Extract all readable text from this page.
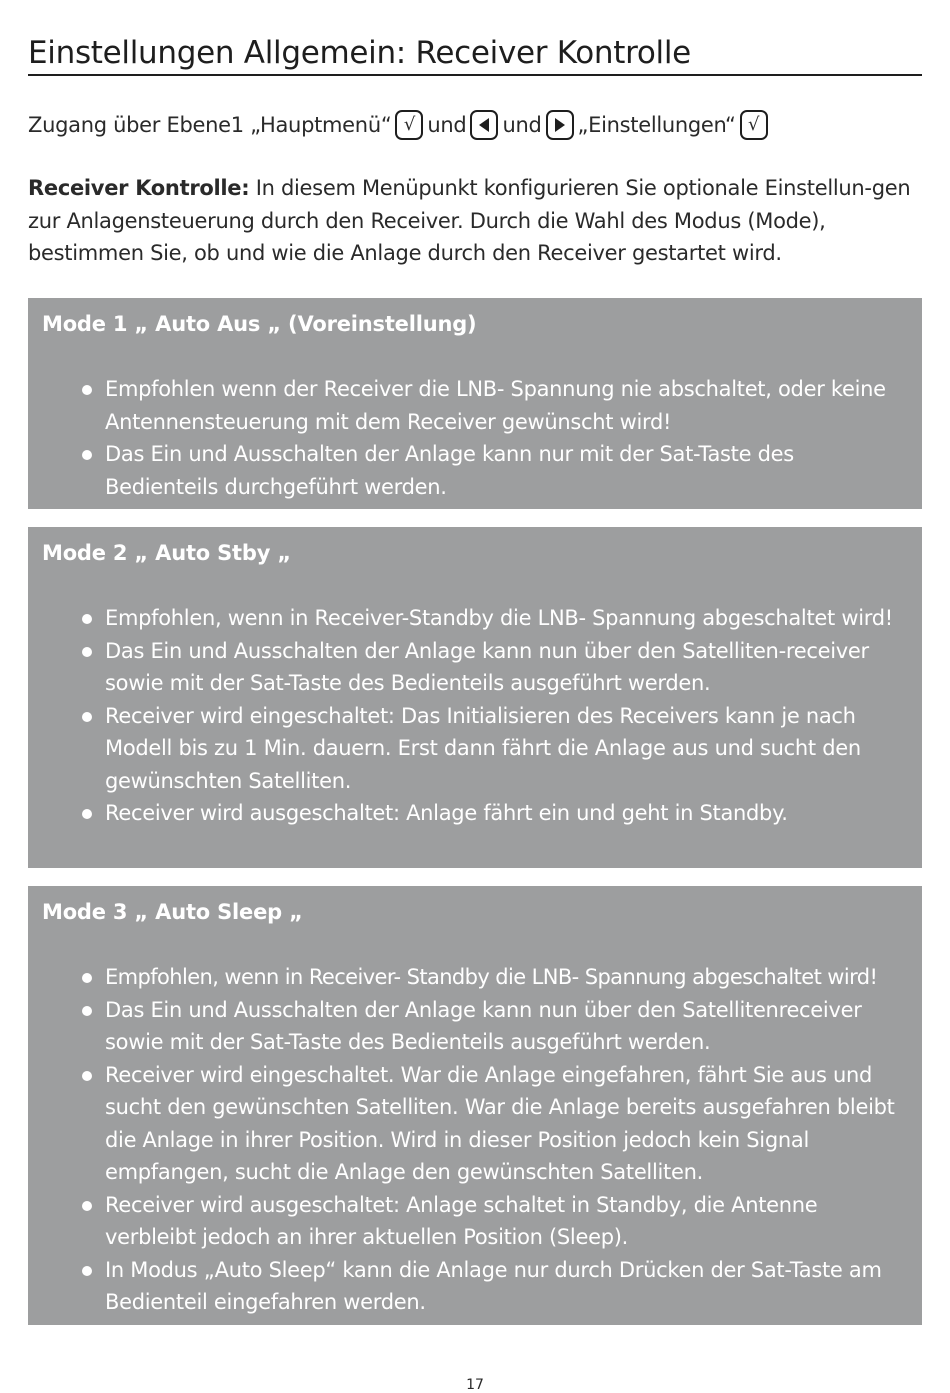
Einstellungen Allgemein: Receiver Kontrolle
Zugang über Ebene1 „Hauptmenü“ √ und und „Einstellungen“ √

Receiver Kontrolle: In diesem Menüpunkt konfigurieren Sie optionale Einstellun-gen zur Anlagensteuerung durch den Receiver. Durch die Wahl des Modus (Mode), bestimmen Sie, ob und wie die Anlage durch den Receiver gestartet wird.

Mode 1 „ Auto Aus „ (Voreinstellung)
Empfohlen wenn der Receiver die LNB- Spannung nie abschaltet, oder keine Antennensteuerung mit dem Receiver gewünscht wird!
Das Ein und Ausschalten der Anlage kann nur mit der Sat-Taste des Bedienteils durchgeführt werden.
Mode 2 „ Auto Stby „
Empfohlen, wenn in Receiver-Standby die LNB- Spannung abgeschaltet wird!
Das Ein und Ausschalten der Anlage kann nun über den Satelliten-receiver sowie mit der Sat-Taste des Bedienteils ausgeführt werden.
Receiver wird eingeschaltet: Das Initialisieren des Receivers kann je nach Modell bis zu 1 Min. dauern. Erst dann fährt die Anlage aus und sucht den gewünschten Satelliten.
Receiver wird ausgeschaltet: Anlage fährt ein und geht in Standby.
Mode 3 „ Auto Sleep „
Empfohlen, wenn in Receiver- Standby die LNB- Spannung abgeschaltet wird!
Das Ein und Ausschalten der Anlage kann nun über den Satellitenreceiver sowie mit der Sat-Taste des Bedienteils ausgeführt werden.
Receiver wird eingeschaltet. War die Anlage eingefahren, fährt Sie aus und sucht den gewünschten Satelliten. War die Anlage bereits ausgefahren bleibt die Anlage in ihrer Position. Wird in dieser Position jedoch kein Signal empfangen, sucht die Anlage den gewünschten Satelliten.
Receiver wird ausgeschaltet: Anlage schaltet in Standby, die Antenne verbleibt jedoch an ihrer aktuellen Position (Sleep).
In Modus „Auto Sleep“ kann die Anlage nur durch Drücken der Sat-Taste am Bedienteil eingefahren werden.
17
